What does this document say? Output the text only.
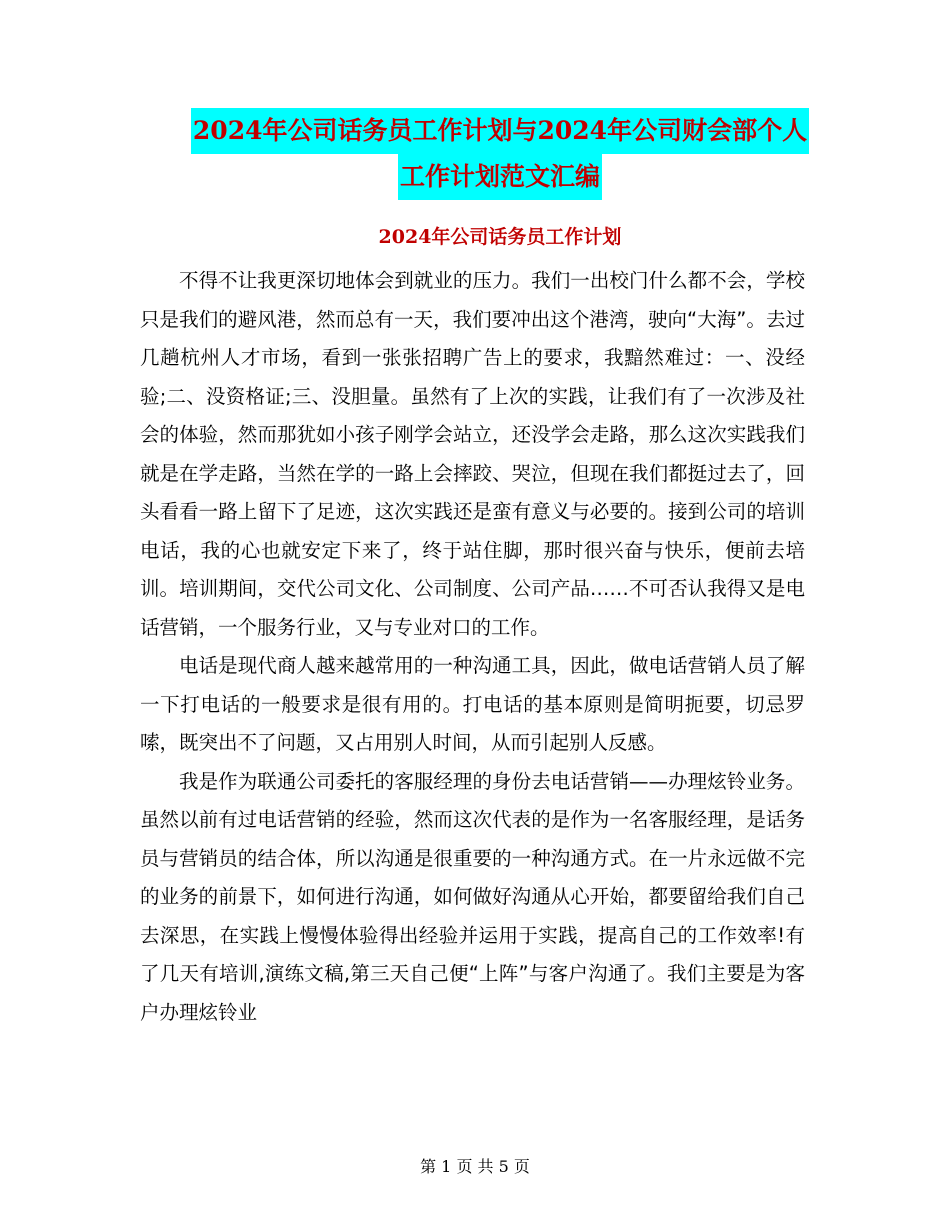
2024年公司话务员工作计划与2024年公司财会部个人
工作计划范文汇编
2024年公司话务员工作计划

不得不让我更深切地体会到就业的压力。我们一出校门什么都不会，学校只是我们的避风港，然而总有一天，我们要冲出这个港湾，驶向“大海”。去过几趟杭州人才市场，看到一张张招聘广告上的要求，我黯然难过：一、没经验;二、没资格证;三、没胆量。虽然有了上次的实践，让我们有了一次涉及社会的体验，然而那犹如小孩子刚学会站立，还没学会走路，那么这次实践我们就是在学走路，当然在学的一路上会摔跤、哭泣，但现在我们都挺过去了，回头看看一路上留下了足迹，这次实践还是蛮有意义与必要的。接到公司的培训电话，我的心也就安定下来了，终于站住脚，那时很兴奋与快乐，便前去培训。培训期间，交代公司文化、公司制度、公司产品……不可否认我得又是电话营销，一个服务行业，又与专业对口的工作。

电话是现代商人越来越常用的一种沟通工具，因此，做电话营销人员了解一下打电话的一般要求是很有用的。打电话的基本原则是简明扼要，切忌罗嗦，既突出不了问题，又占用别人时间，从而引起别人反感。

我是作为联通公司委托的客服经理的身份去电话营销——办理炫铃业务。虽然以前有过电话营销的经验，然而这次代表的是作为一名客服经理，是话务员与营销员的结合体，所以沟通是很重要的一种沟通方式。在一片永远做不完的业务的前景下，如何进行沟通，如何做好沟通从心开始，都要留给我们自己去深思，在实践上慢慢体验得出经验并运用于实践，提高自己的工作效率!有了几天有培训,演练文稿,第三天自己便“上阵”与客户沟通了。我们主要是为客户办理炫铃业

第 1 页 共 5 页
